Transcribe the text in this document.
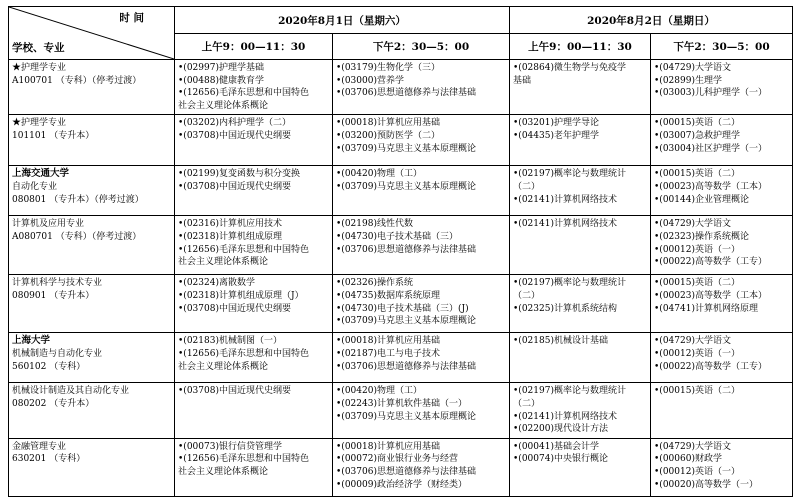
时 间
学校、专业	2020年8月1日（星期六）		2020年8月2日（星期日）	
	上午9：00—11：30	下午2：30—5：00	上午9：00—11：30	下午2：30—5：00

★护理学专业
A100701 （专科）（停考过渡）	•(02997)护理学基础
•(00488)健康教育学
•(12656)毛泽东思想和中国特色
社会主义理论体系概论	•(03179)生物化学（三）
•(03000)营养学
•(03706)思想道德修养与法律基础	•(02864)微生物学与免疫学
基础	•(04729)大学语文
•(02899)生理学
•(03003)儿科护理学（一）

★护理学专业
101101 （专升本）	•(03202)内科护理学（二）
•(03708)中国近现代史纲要	•(00018)计算机应用基础
•(03200)预防医学（二）
•(03709)马克思主义基本原理概论	•(03201)护理学导论
•(04435)老年护理学	•(00015)英语（二）
•(03007)急救护理学
•(03004)社区护理学（一）

上海交通大学
自动化专业
080801 （专升本）（停考过渡）	•(02199)复变函数与积分变换
•(03708)中国近现代史纲要	•(00420)物理（工）
•(03709)马克思主义基本原理概论	•(02197)概率论与数理统计
（二）
•(02141)计算机网络技术	•(00015)英语（二）
•(00023)高等数学（工本）
•(00144)企业管理概论

计算机及应用专业
A080701 （专科）（停考过渡）	•(02316)计算机应用技术
•(02318)计算机组成原理
•(12656)毛泽东思想和中国特色
社会主义理论体系概论	•(02198)线性代数
•(04730)电子技术基础（三）
•(03706)思想道德修养与法律基础	•(02141)计算机网络技术	•(04729)大学语文
•(02323)操作系统概论
•(00012)英语（一）
•(00022)高等数学（工专）

计算机科学与技术专业
080901 （专升本）	•(02324)离散数学
•(02318)计算机组成原理（J）
•(03708)中国近现代史纲要	•(02326)操作系统
•(04735)数据库系统原理
•(04730)电子技术基础（三）(J)
•(03709)马克思主义基本原理概论	•(02197)概率论与数理统计
（二）
•(02325)计算机系统结构	•(00015)英语（二）
•(00023)高等数学（工本）
•(04741)计算机网络原理

上海大学
机械制造与自动化专业
560102 （专科）	•(02183)机械制图（一）
•(12656)毛泽东思想和中国特色
社会主义理论体系概论	•(00018)计算机应用基础
•(02187)电工与电子技术
•(03706)思想道德修养与法律基础	•(02185)机械设计基础	•(04729)大学语文
•(00012)英语（一）
•(00022)高等数学（工专）

机械设计制造及其自动化专业
080202 （专升本）	•(03708)中国近现代史纲要	•(00420)物理（工）
•(02243)计算机软件基础（一）
•(03709)马克思主义基本原理概论	•(02197)概率论与数理统计
（二）
•(02141)计算机网络技术
•(02200)现代设计方法	•(00015)英语（二）

金融管理专业
630201 （专科）	•(00073)银行信贷管理学
•(12656)毛泽东思想和中国特色
社会主义理论体系概论	•(00018)计算机应用基础
•(00072)商业银行业务与经营
•(03706)思想道德修养与法律基础
•(00009)政治经济学（财经类）	•(00041)基础会计学
•(00074)中央银行概论	•(04729)大学语文
•(00060)财政学
•(00012)英语（一）
•(00020)高等数学（一）
